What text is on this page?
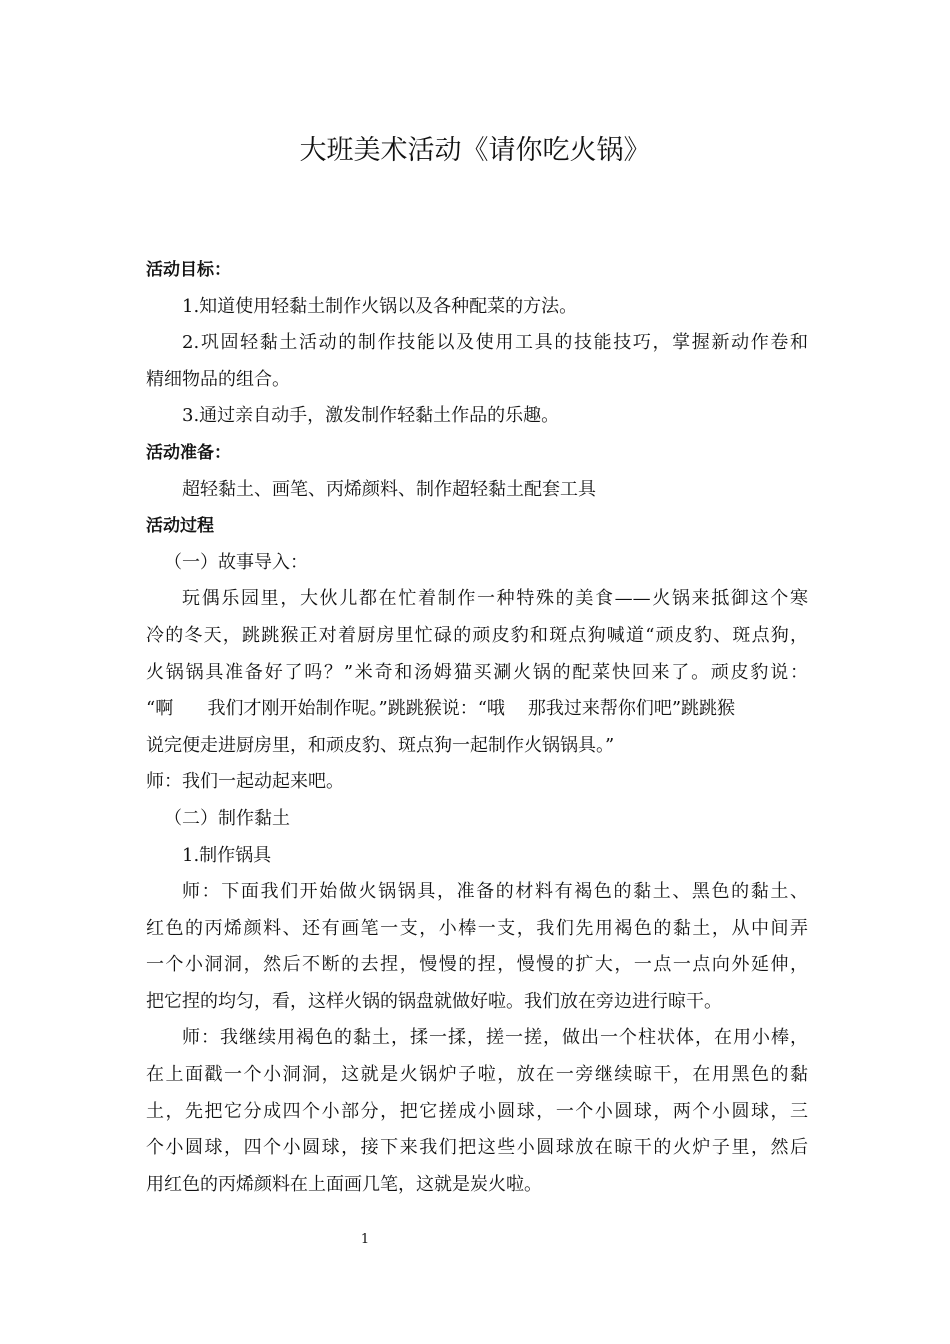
大班美术活动《请你吃火锅》

活动目标：

1.知道使用轻黏土制作火锅以及各种配菜的方法。

2.巩固轻黏土活动的制作技能以及使用工具的技能技巧，掌握新动作卷和

精细物品的组合。

3.通过亲自动手，激发制作轻黏土作品的乐趣。

活动准备：

超轻黏土、画笔、丙烯颜料、制作超轻黏土配套工具

活动过程

（一）故事导入：

玩偶乐园里，大伙儿都在忙着制作一种特殊的美食——火锅来抵御这个寒

冷的冬天，跳跳猴正对着厨房里忙碌的顽皮豹和斑点狗喊道“顽皮豹、斑点狗，

火锅锅具准备好了吗？”米奇和汤姆猫买涮火锅的配菜快回来了。顽皮豹说：

“啊      我们才刚开始制作呢。”跳跳猴说：“哦    那我过来帮你们吧”跳跳猴

说完便走进厨房里，和顽皮豹、斑点狗一起制作火锅锅具。”

师：我们一起动起来吧。

（二）制作黏土

1.制作锅具

师：下面我们开始做火锅锅具，准备的材料有褐色的黏土、黑色的黏土、

红色的丙烯颜料、还有画笔一支，小棒一支，我们先用褐色的黏土，从中间弄

一个小洞洞，然后不断的去捏，慢慢的捏，慢慢的扩大，一点一点向外延伸，

把它捏的均匀，看，这样火锅的锅盘就做好啦。我们放在旁边进行晾干。

师：我继续用褐色的黏土，揉一揉，搓一搓，做出一个柱状体，在用小棒，

在上面戳一个小洞洞，这就是火锅炉子啦，放在一旁继续晾干，在用黑色的黏

土，先把它分成四个小部分，把它搓成小圆球，一个小圆球，两个小圆球，三

个小圆球，四个小圆球，接下来我们把这些小圆球放在晾干的火炉子里，然后

用红色的丙烯颜料在上面画几笔，这就是炭火啦。

1
